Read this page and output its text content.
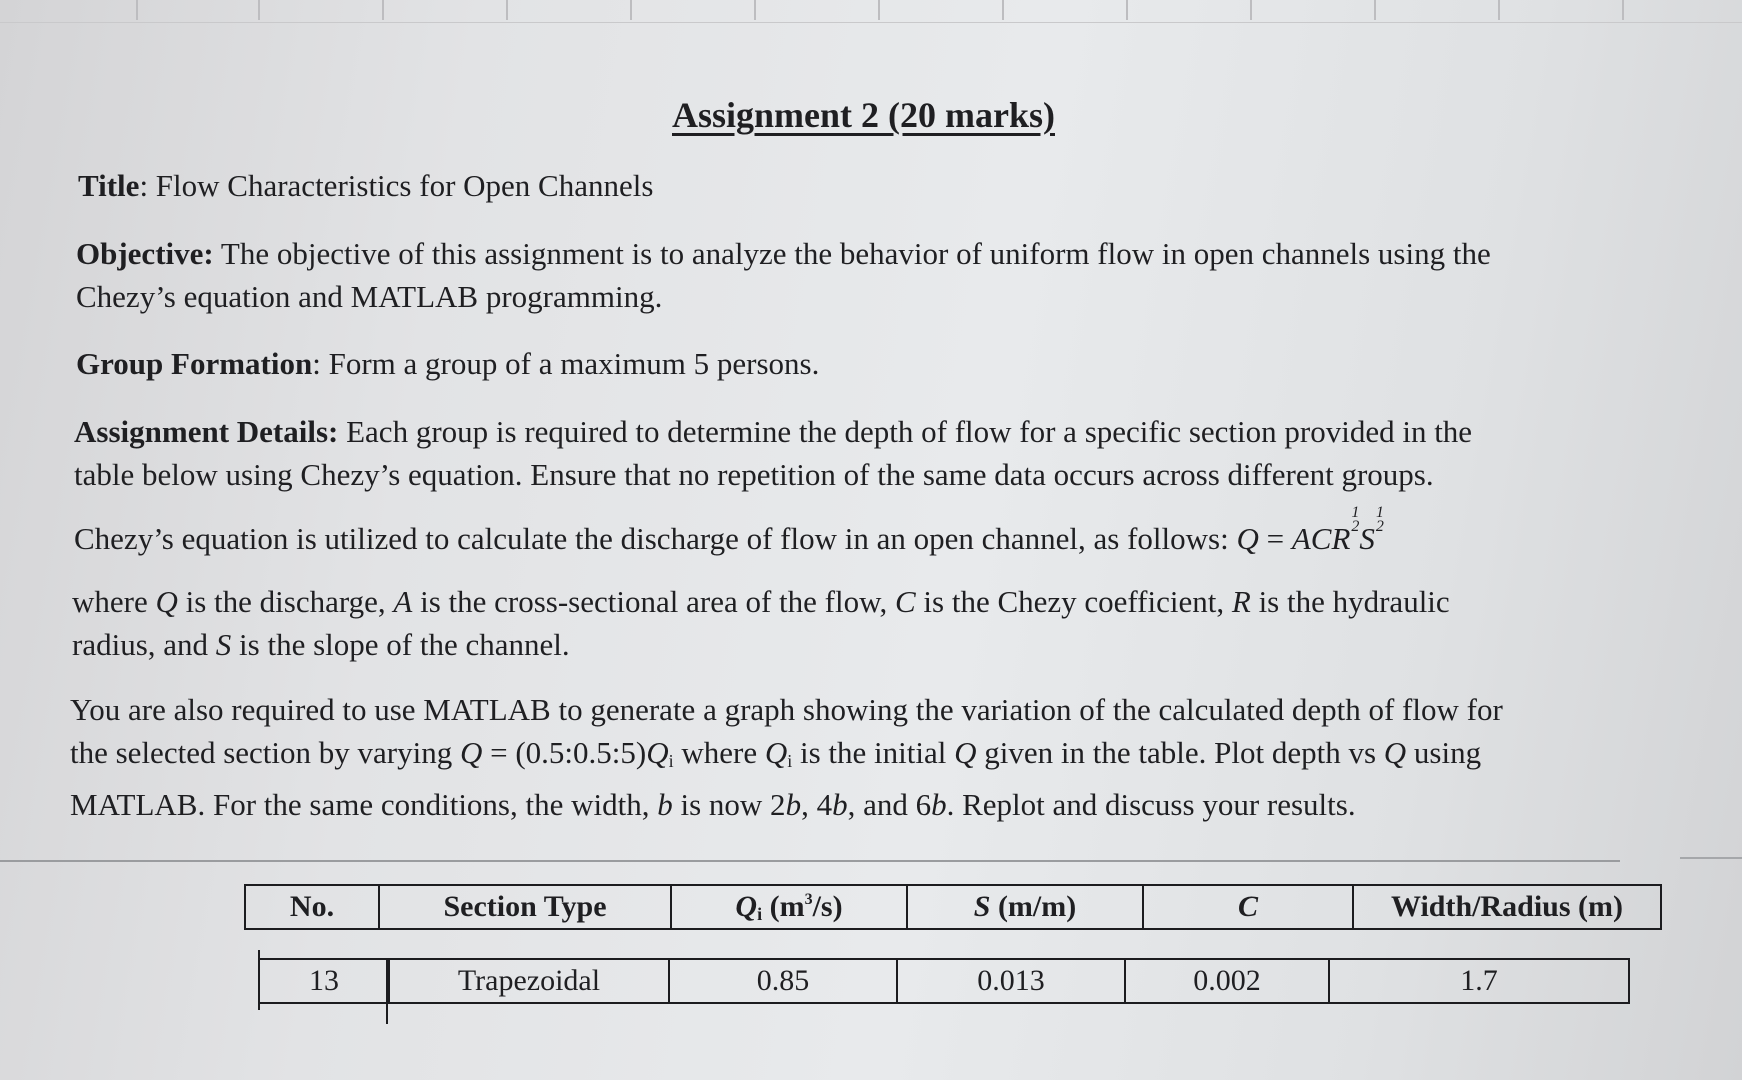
Assignment 2 (20 marks)
Title: Flow Characteristics for Open Channels
Objective: The objective of this assignment is to analyze the behavior of uniform flow in open channels using the
Chezy’s equation and MATLAB programming.
Group Formation: Form a group of a maximum 5 persons.
Assignment Details: Each group is required to determine the depth of flow for a specific section provided in the
table below using Chezy’s equation. Ensure that no repetition of the same data occurs across different groups.
Chezy’s equation is utilized to calculate the discharge of flow in an open channel, as follows: Q = ACR1
2S1
2
where Q is the discharge, A is the cross-sectional area of the flow, C is the Chezy coefficient, R is the hydraulic
radius, and S is the slope of the channel.
You are also required to use MATLAB to generate a graph showing the variation of the calculated depth of flow for
the selected section by varying $Q = (0.5:0.5:5)Q_i$ where $Q_i$ is the initial Q given in the table. Plot depth vs Q using
MATLAB. For the same conditions, the width, b is now 2b, 4b, and 6b. Replot and discuss your results.
No.	Section Type	$Q_i$ $(m^3/s)$	S (m/m)	C	Width/Radius (m)
13	Trapezoidal	0.85	0.013	0.002	1.7
